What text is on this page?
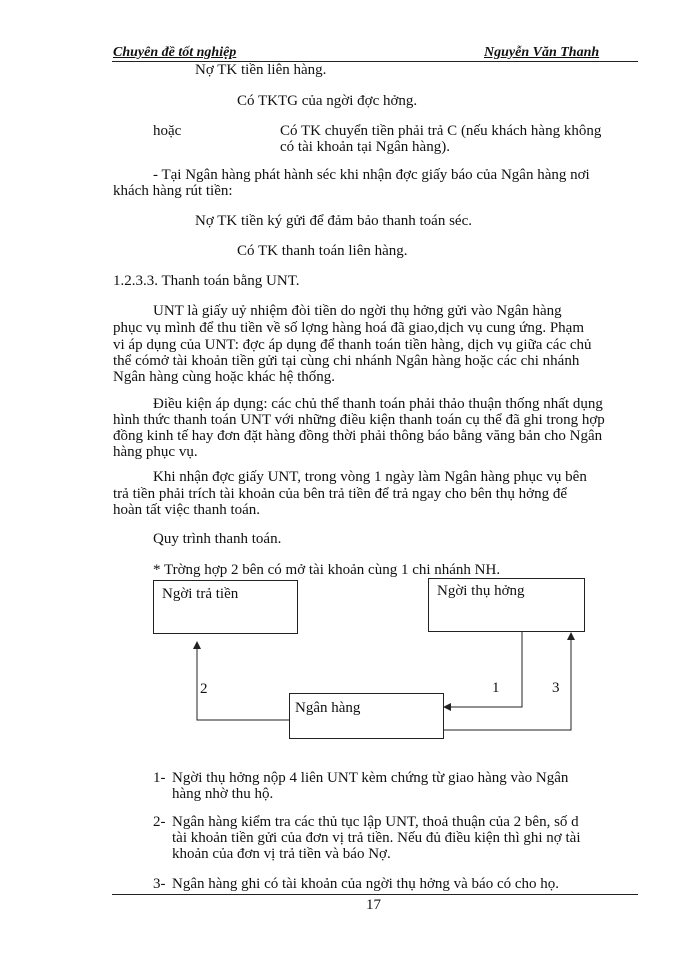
Chuyên đề tốt nghiệp	Nguyễn Văn Thanh
Nợ TK tiền liên hàng.
Có TKTG của ngời đợc hởng.
hoặc	Có TK chuyển tiền phải trả C (nếu khách hàng không
có tài khoản tại Ngân hàng).
- Tại Ngân hàng phát hành séc khi nhận đợc giấy báo của Ngân hàng nơi
khách hàng rút tiền:
Nợ TK tiền ký gửi để đảm bảo thanh toán séc.
Có TK thanh toán liên hàng.
1.2.3.3. Thanh toán bằng UNT.
UNT là giấy uỷ nhiệm đòi tiền do ngời thụ hởng gửi vào Ngân hàng
phục vụ mình để thu tiền về số lợng hàng hoá đã giao,dịch vụ cung ứng. Phạm
vi áp dụng của UNT: đợc áp dụng để thanh toán tiền hàng, dịch vụ giữa các chủ
thể cómở tài khoản tiền gửi tại cùng chi nhánh Ngân hàng hoặc các chi nhánh
Ngân hàng cùng hoặc khác hệ thống.
Điều kiện áp dụng: các chủ thể thanh toán phải thảo thuận thống nhất dụng
hình thức thanh toán UNT với những điều kiện thanh toán cụ thể đã ghi trong hợp
đồng kinh tế hay đơn đặt hàng đồng thời phải thông báo bằng văng bản cho Ngân
hàng phục vụ.
Khi nhận đợc giấy UNT, trong vòng 1 ngày làm Ngân hàng phục vụ bên
trả tiền phải trích tài khoản của bên trả tiền để trả ngay cho bên thụ hởng để
hoàn tất việc thanh toán.
Quy trình thanh toán.
* Trờng hợp 2 bên có mở tài khoản cùng 1 chi nhánh NH.
Ngời trả tiền	Ngời thụ hởng
Ngân hàng
2	1	3
1- Ngời thụ hởng nộp 4 liên UNT kèm chứng từ giao hàng vào Ngân
hàng nhờ thu hộ.
2- Ngân hàng kiểm tra các thủ tục lập UNT, thoả thuận của 2 bên, số d
tài khoản tiền gửi của đơn vị trả tiền. Nếu đủ điều kiện thì ghi nợ tài
khoản của đơn vị trả tiền và báo Nợ.
3- Ngân hàng ghi có tài khoản của ngời thụ hởng và báo có cho họ.
17
